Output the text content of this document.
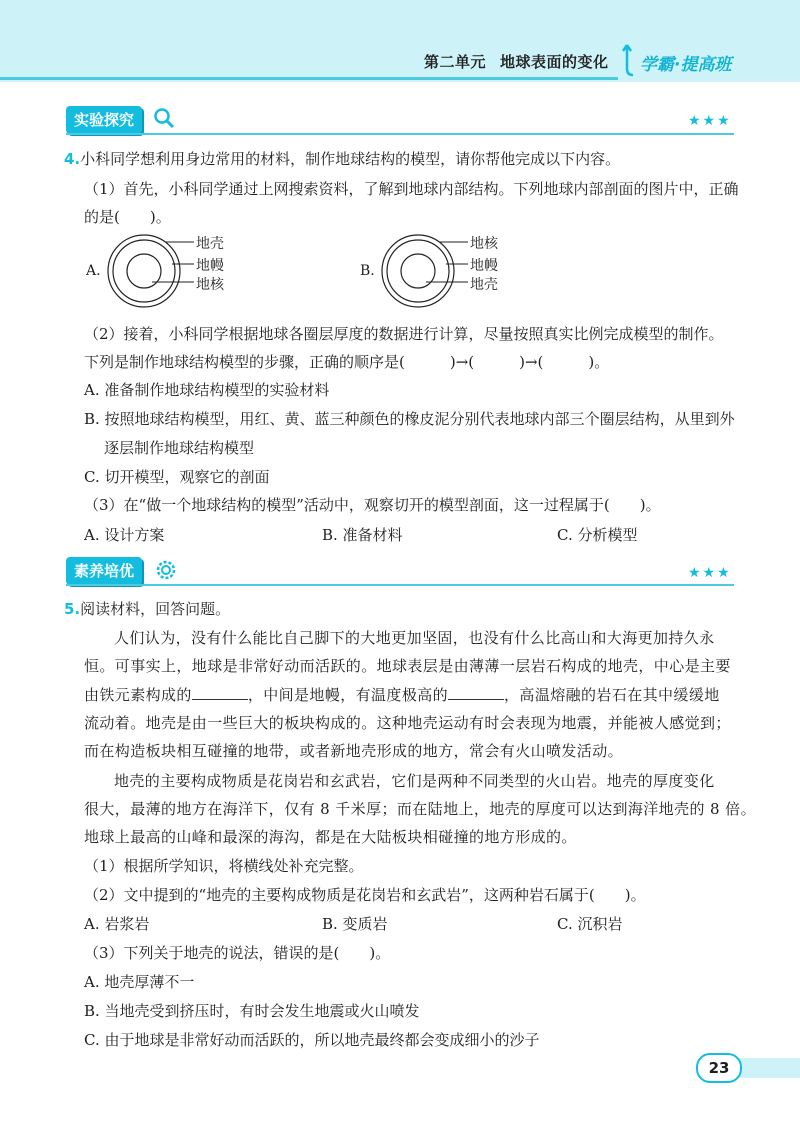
第二单元 地球表面的变化 学霸·提高班
实验探究	★★★
4.小科同学想利用身边常用的材料，制作地球结构的模型，请你帮他完成以下内容。
（1）首先，小科同学通过上网搜索资料，了解到地球内部结构。下列地球内部剖面的图片中，正确
的是(　　)。
A.
地壳
地幔
地核
B.
地核
地幔
地壳
（2）接着，小科同学根据地球各圈层厚度的数据进行计算，尽量按照真实比例完成模型的制作。
下列是制作地球结构模型的步骤，正确的顺序是(　　　)→(　　　)→(　　　)。
A. 准备制作地球结构模型的实验材料
B. 按照地球结构模型，用红、黄、蓝三种颜色的橡皮泥分别代表地球内部三个圈层结构，从里到外
逐层制作地球结构模型
C. 切开模型，观察它的剖面
（3）在“做一个地球结构的模型”活动中，观察切开的模型剖面，这一过程属于(　　)。
A. 设计方案	B. 准备材料	C. 分析模型
素养培优	★★★
5.阅读材料，回答问题。
人们认为，没有什么能比自己脚下的大地更加坚固，也没有什么比高山和大海更加持久永
恒。可事实上，地球是非常好动而活跃的。地球表层是由薄薄一层岩石构成的地壳，中心是主要
由铁元素构成的	，中间是地幔，有温度极高的	，高温熔融的岩石在其中缓缓地
流动着。地壳是由一些巨大的板块构成的。这种地壳运动有时会表现为地震，并能被人感觉到；
而在构造板块相互碰撞的地带，或者新地壳形成的地方，常会有火山喷发活动。
地壳的主要构成物质是花岗岩和玄武岩，它们是两种不同类型的火山岩。地壳的厚度变化
很大，最薄的地方在海洋下，仅有 8 千米厚；而在陆地上，地壳的厚度可以达到海洋地壳的 8 倍。
地球上最高的山峰和最深的海沟，都是在大陆板块相碰撞的地方形成的。
（1）根据所学知识，将横线处补充完整。
（2）文中提到的“地壳的主要构成物质是花岗岩和玄武岩”，这两种岩石属于(　　)。
A. 岩浆岩	B. 变质岩	C. 沉积岩
（3）下列关于地壳的说法，错误的是(　　)。
A. 地壳厚薄不一
B. 当地壳受到挤压时，有时会发生地震或火山喷发
C. 由于地球是非常好动而活跃的，所以地壳最终都会变成细小的沙子
23
